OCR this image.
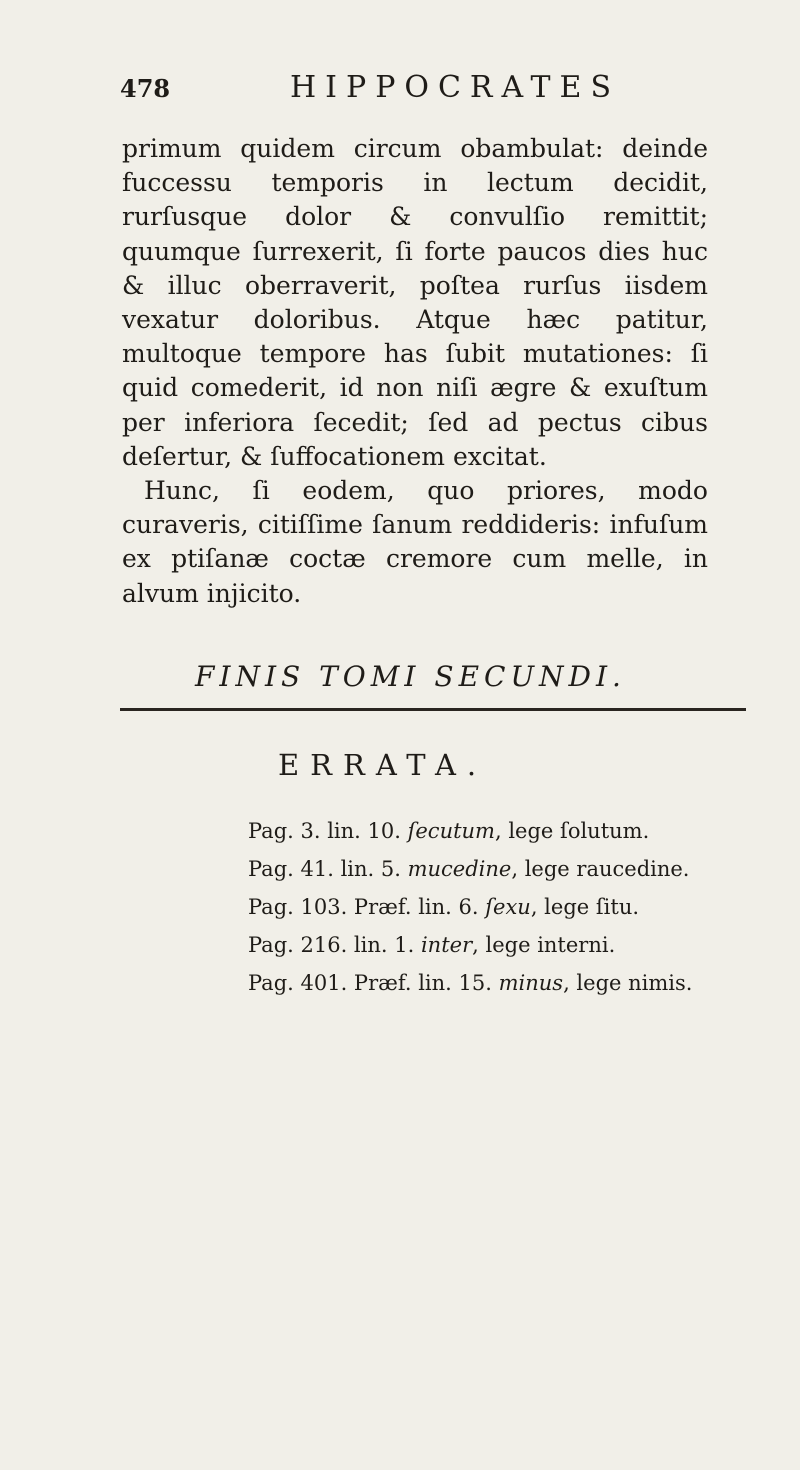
478	HIPPOCRATES

primum quidem circum obambulat: deinde fuccessu temporis in lectum decidit, rurſusque dolor & convulſio remittit; quumque ſurrexerit, ſi forte paucos dies huc & illuc oberraverit, poſtea rurſus iisdem vexatur doloribus. Atque hæc patitur, multoque tempore has ſubit mutationes: ſi quid comederit, id non niſi ægre & exuſtum per inferiora ſecedit; ſed ad pectus cibus deſertur, & ſuffocationem excitat.

Hunc, ſi eodem, quo priores, modo curaveris, citiſſime ſanum reddideris: infuſum ex ptiſanæ coctæ cremore cum melle, in alvum injicito.

FINIS TOMI SECUNDI.
ERRATA.
Pag. 3. lin. 10. ſecutum, lege ſolutum.
Pag. 41. lin. 5. mucedine, lege raucedine.
Pag. 103. Præf. lin. 6. ſexu, lege ſitu.
Pag. 216. lin. 1. inter, lege interni.
Pag. 401. Præf. lin. 15. minus, lege nimis.
